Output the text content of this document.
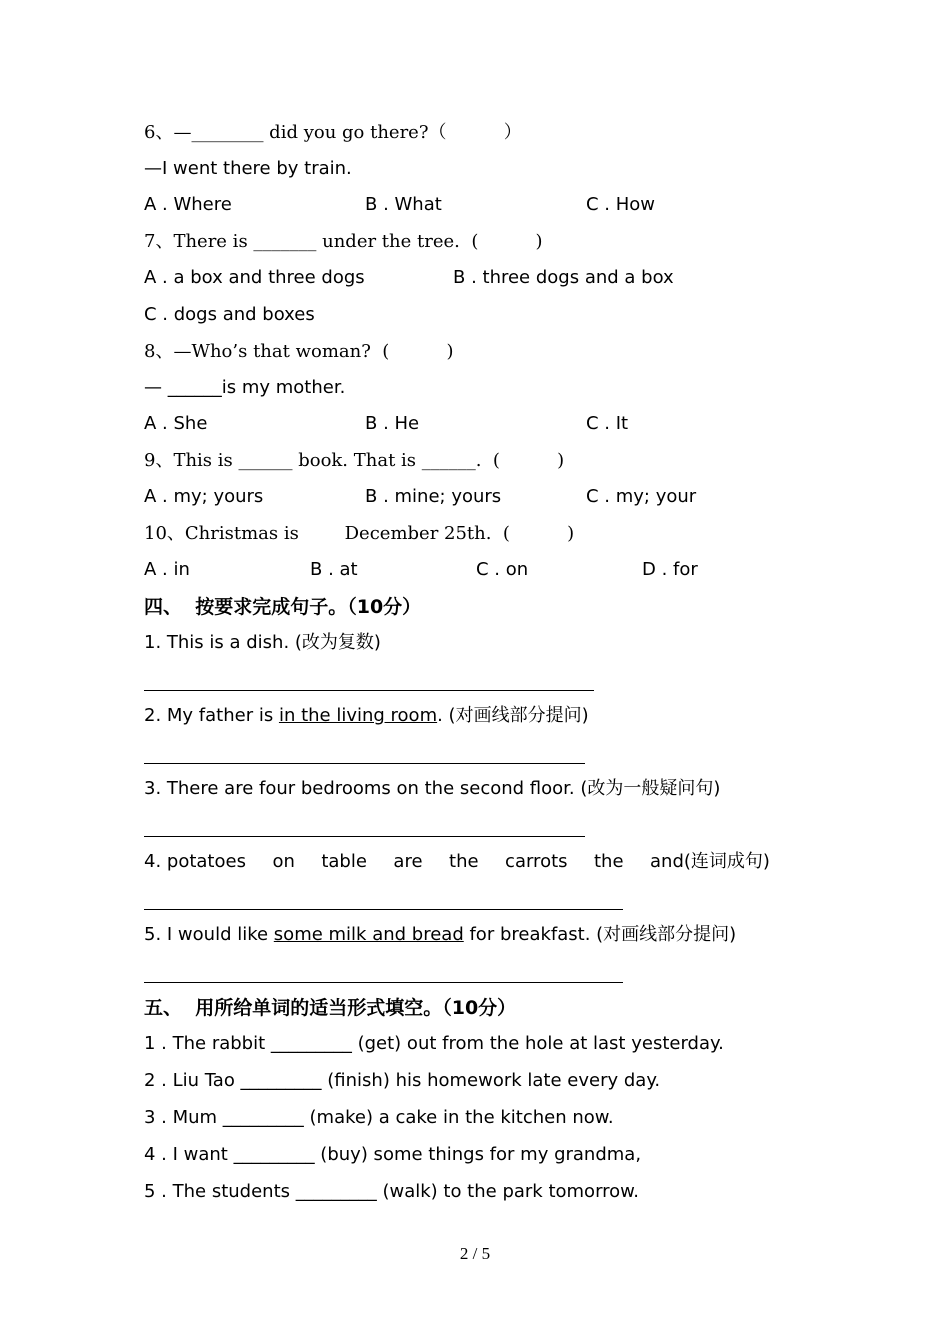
6、—________ did you go there?（          ）
—I went there by train.
A . Where	B . What	C . How
7、There is _______ under the tree.  (          )
A . a box and three dogs	B . three dogs and a box
C . dogs and boxes
8、—Who’s that woman?  (          )
— ______is my mother.
A . She	B . He	C . It
9、This is ______ book. That is ______.  (          )
A . my; yours	B . mine; yours	C . my; your
10、Christmas is        December 25th.  (          )
A . in	B . at	C . on	D . for
四、  按要求完成句子。（10分）
1. This is a dish. (改为复数)
2. My father is in the living room. (对画线部分提问)
3. There are four bedrooms on the second floor. (改为一般疑问句)
4. potatoes on table are the carrots the and(连词成句)
5. I would like some milk and bread for breakfast. (对画线部分提问)
五、  用所给单词的适当形式填空。（10分）
1 . The rabbit _________ (get) out from the hole at last yesterday.
2 . Liu Tao _________ (finish) his homework late every day.
3 . Mum _________ (make) a cake in the kitchen now.
4 . I want _________ (buy) some things for my grandma,
5 . The students _________ (walk) to the park tomorrow.
2 / 5
